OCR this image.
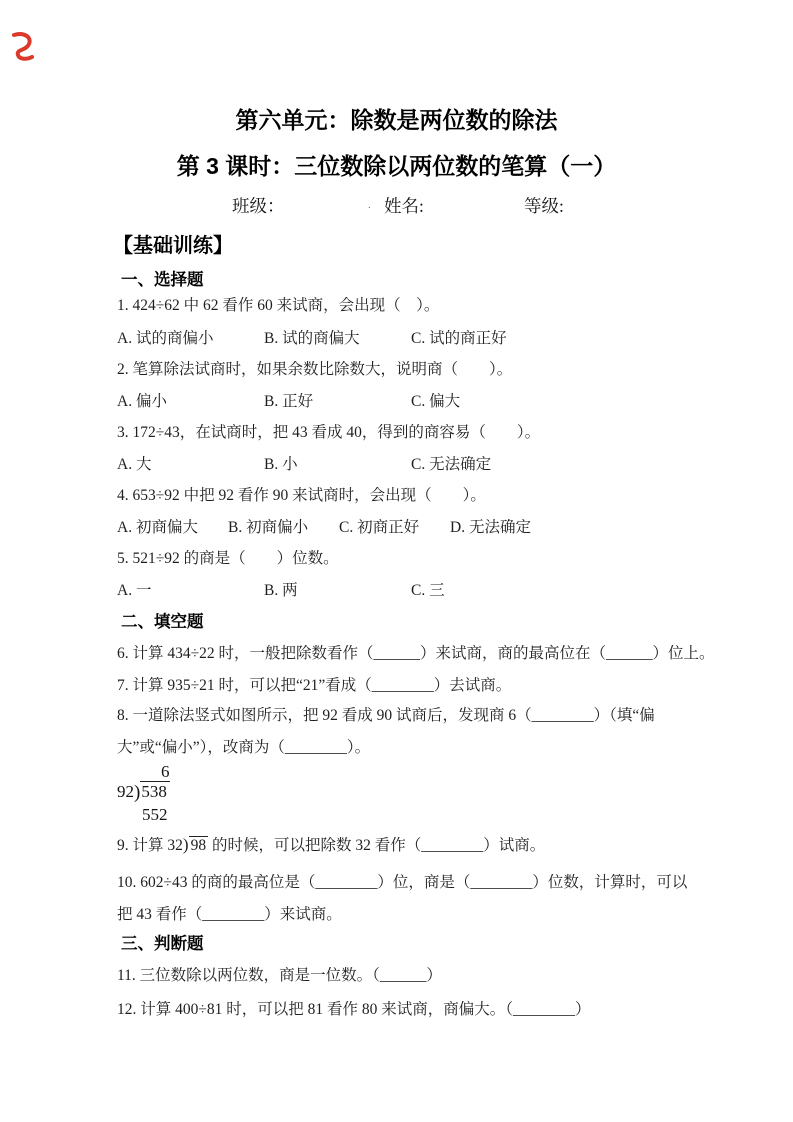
第六单元：除数是两位数的除法
第 3 课时：三位数除以两位数的笔算（一）
班级：	. 姓名:	等级:
【基础训练】
一、选择题
1. 424÷62 中 62 看作 60 来试商，会出现（　）。
A. 试的商偏小	B. 试的商偏大	C. 试的商正好
2. 笔算除法试商时，如果余数比除数大，说明商（　　）。
A. 偏小	B. 正好	C. 偏大
3. 172÷43，在试商时，把 43 看成 40，得到的商容易（　　）。
A. 大	B. 小	C. 无法确定
4. 653÷92 中把 92 看作 90 来试商时，会出现（　　）。
A. 初商偏大	B. 初商偏小	C. 初商正好	D. 无法确定
5. 521÷92 的商是（　　）位数。
A. 一	B. 两	C. 三
二、填空题
6. 计算 434÷22 时，一般把除数看作（______）来试商，商的最高位在（______）位上。
7. 计算 935÷21 时，可以把“21”看成（________）去试商。
8. 一道除法竖式如图所示，把 92 看成 90 试商后，发现商 6（________）（填“偏大”或“偏小”），改商为（________）。
6
92)538
552
9. 计算 32) 98 的时候，可以把除数 32 看作（________）试商。
10. 602÷43 的商的最高位是（________）位，商是（________）位数，计算时，可以把 43 看作（________）来试商。
三、判断题
11. 三位数除以两位数，商是一位数。（______）
12. 计算 400÷81 时，可以把 81 看作 80 来试商，商偏大。（________）
